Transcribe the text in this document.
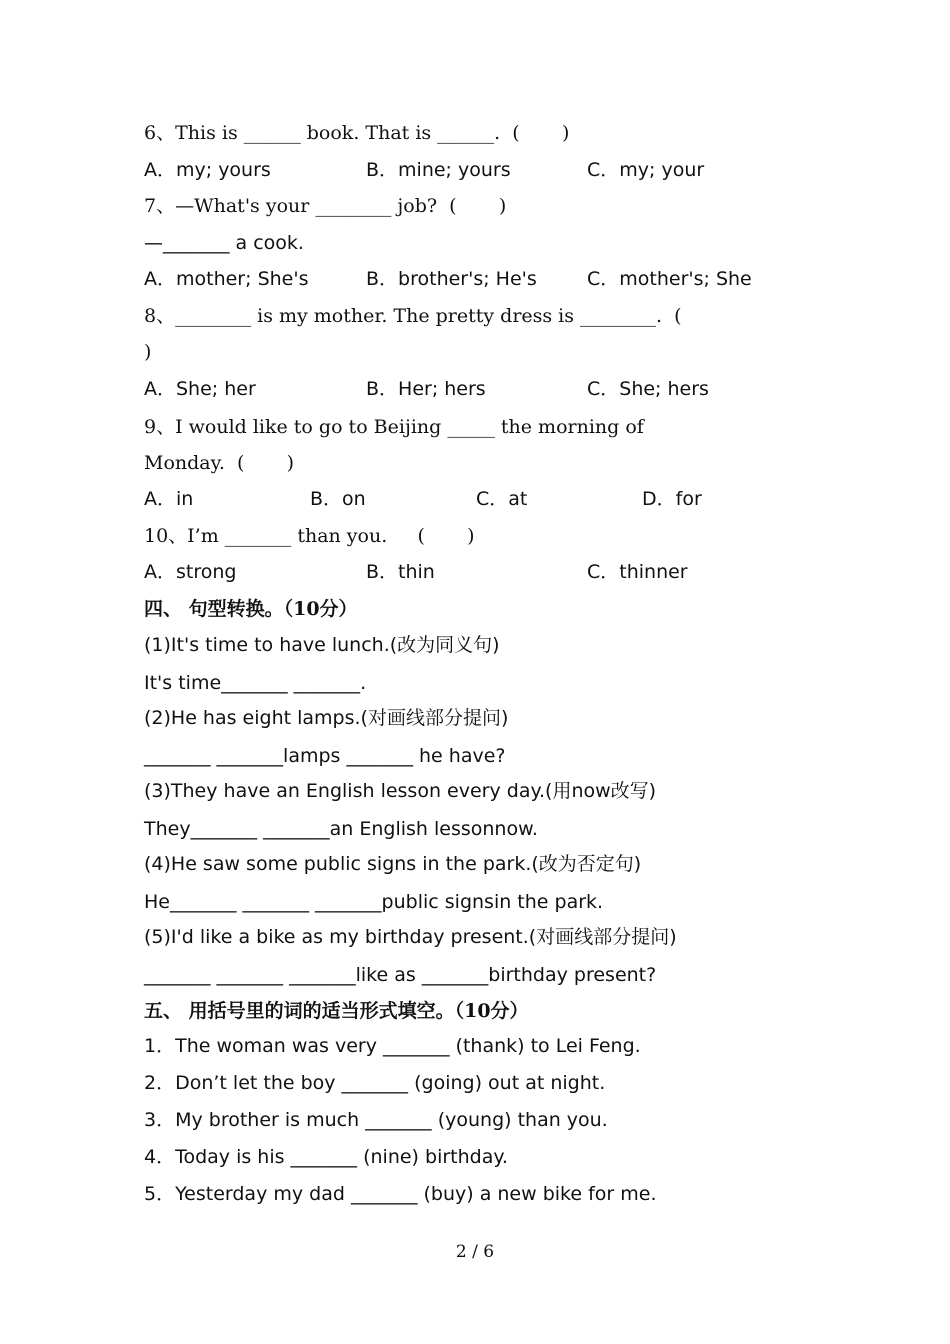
6、This is ______ book. That is ______.  (       )
A．my; yours	B．mine; yours	C．my; your
7、—What's your ________ job?  (       )
—_______ a cook.
A．mother; She's	B．brother's; He's	C．mother's; She
8、________ is my mother. The pretty dress is ________.  (
)
A．She; her	B．Her; hers	C．She; hers
9、I would like to go to Beijing _____ the morning of
Monday.  (       )
A．in	B．on	C．at	D．for
10、I’m _______ than you.     (       )
A．strong	B．thin	C．thinner
四、 句型转换。（10分）
(1)It's time to have lunch.(改为同义句)
It's time_______ _______.
(2)He has eight lamps.(对画线部分提问)
_______ _______lamps _______ he have?
(3)They have an English lesson every day.(用now改写)
They_______ _______an English lessonnow.
(4)He saw some public signs in the park.(改为否定句)
He_______ _______ _______public signsin the park.
(5)I'd like a bike as my birthday present.(对画线部分提问)
_______ _______ _______like as _______birthday present?
五、 用括号里的词的适当形式填空。（10分）
1．The woman was very _______ (thank) to Lei Feng.
2．Don’t let the boy _______ (going) out at night.
3．My brother is much _______ (young) than you.
4．Today is his _______ (nine) birthday.
5．Yesterday my dad _______ (buy) a new bike for me.
2 / 6
